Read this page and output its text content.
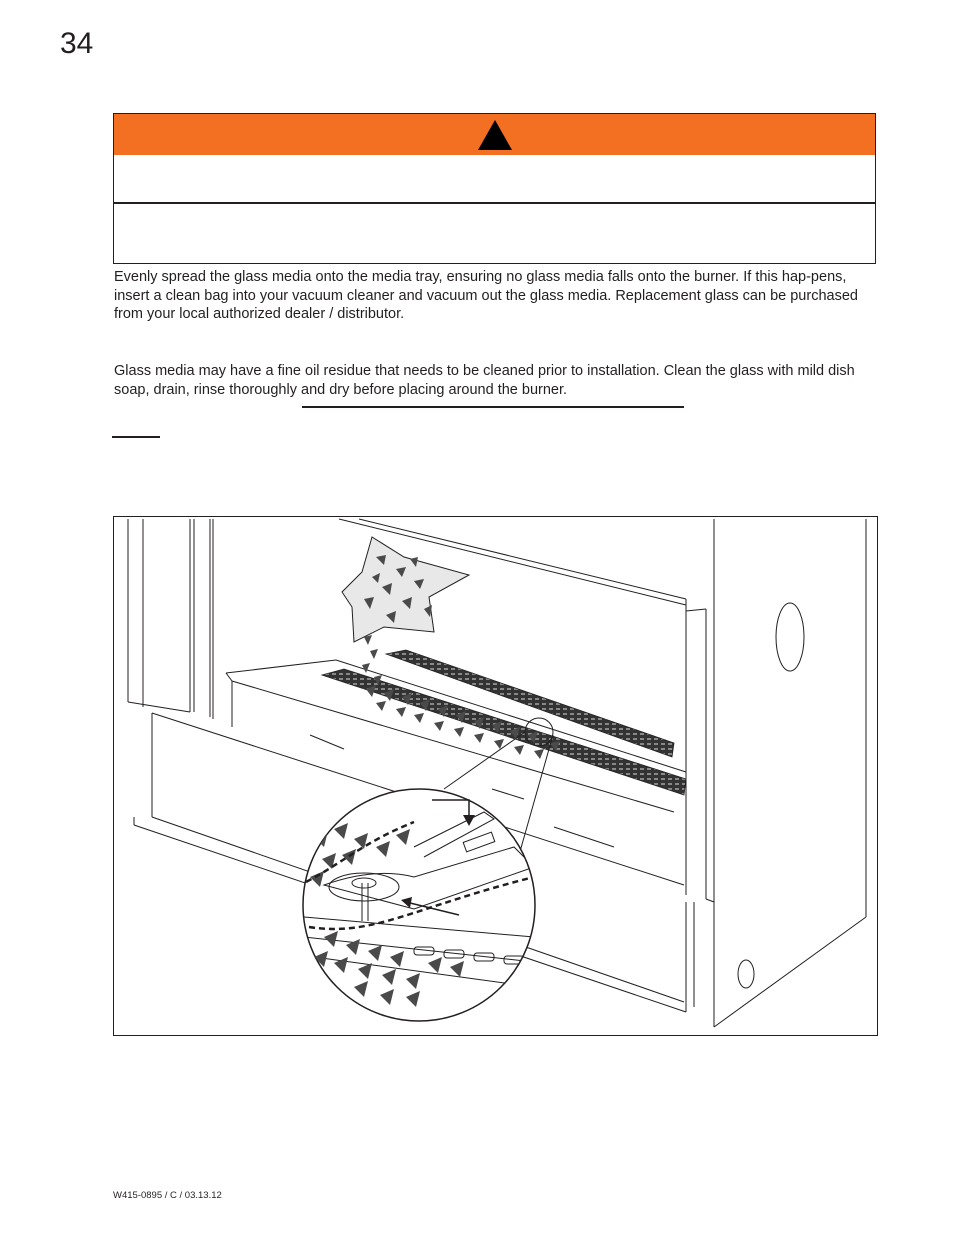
34

Evenly spread the glass media onto the media tray, ensuring no glass media falls onto the burner. If this hap-pens, insert a clean bag into your vacuum cleaner and vacuum out the glass media. Replacement glass can be purchased from your local authorized dealer / distributor.

Glass media may have a fine oil residue that needs to be cleaned prior to installation. Clean the glass with mild dish soap, drain, rinse thoroughly and dry before placing around the burner.

W415-0895 / C / 03.13.12
